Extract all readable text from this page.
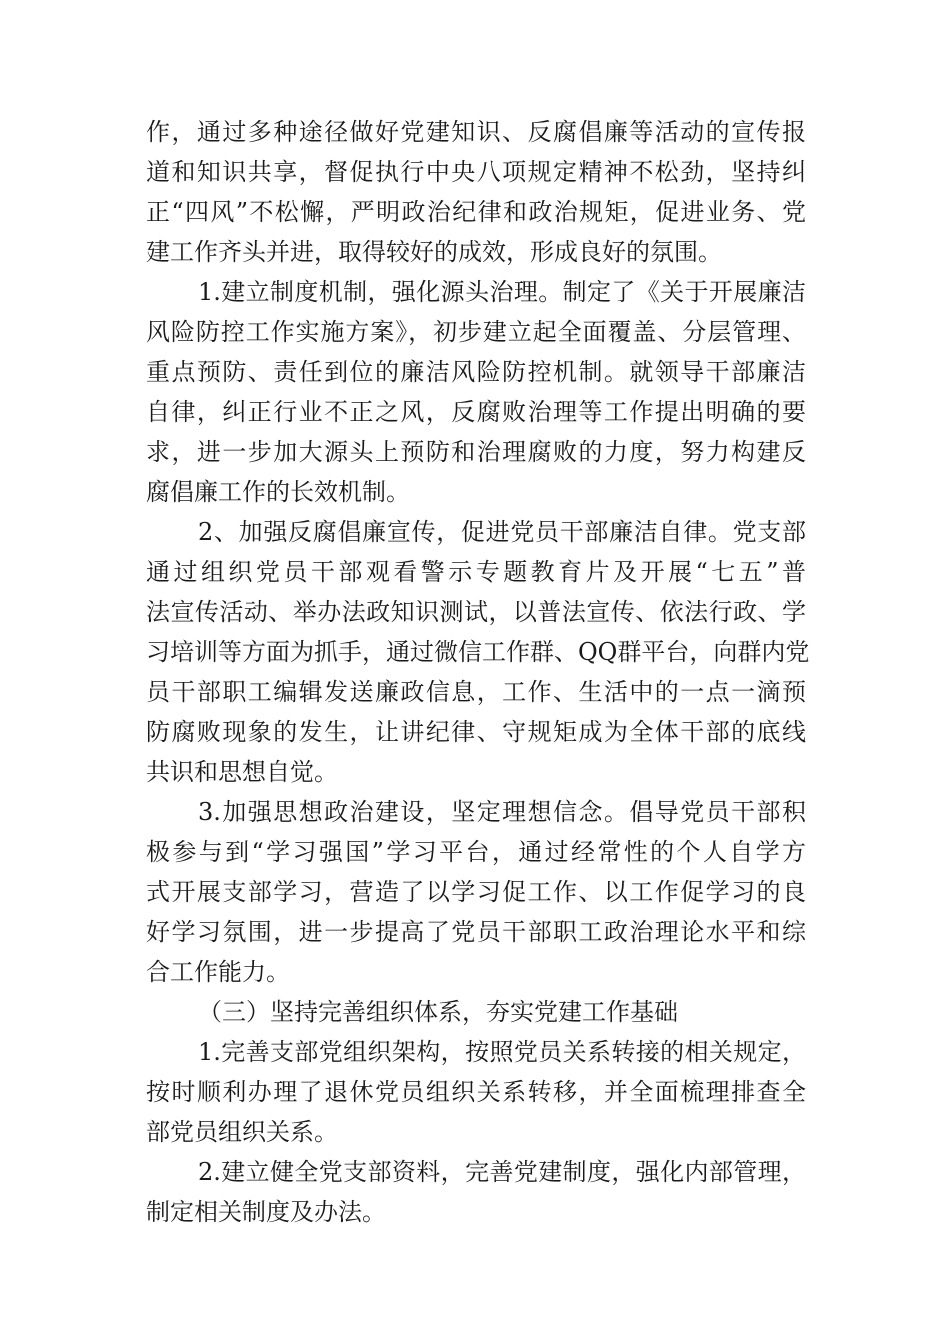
作，通过多种途径做好党建知识、反腐倡廉等活动的宣传报
道和知识共享，督促执行中央八项规定精神不松劲，坚持纠
正“四风”不松懈，严明政治纪律和政治规矩，促进业务、党
建工作齐头并进，取得较好的成效，形成良好的氛围。
1.建立制度机制，强化源头治理。制定了《关于开展廉洁
风险防控工作实施方案》，初步建立起全面覆盖、分层管理、
重点预防、责任到位的廉洁风险防控机制。就领导干部廉洁
自律，纠正行业不正之风，反腐败治理等工作提出明确的要
求，进一步加大源头上预防和治理腐败的力度，努力构建反
腐倡廉工作的长效机制。
2、加强反腐倡廉宣传，促进党员干部廉洁自律。党支部
通过组织党员干部观看警示专题教育片及开展“七五”普
法宣传活动、举办法政知识测试，以普法宣传、依法行政、学
习培训等方面为抓手，通过微信工作群、QQ群平台，向群内党
员干部职工编辑发送廉政信息，工作、生活中的一点一滴预
防腐败现象的发生，让讲纪律、守规矩成为全体干部的底线
共识和思想自觉。
3.加强思想政治建设，坚定理想信念。倡导党员干部积
极参与到“学习强国”学习平台，通过经常性的个人自学方
式开展支部学习，营造了以学习促工作、以工作促学习的良
好学习氛围，进一步提高了党员干部职工政治理论水平和综
合工作能力。
（三）坚持完善组织体系，夯实党建工作基础
1.完善支部党组织架构，按照党员关系转接的相关规定，
按时顺利办理了退休党员组织关系转移，并全面梳理排查全
部党员组织关系。
2.建立健全党支部资料，完善党建制度，强化内部管理，
制定相关制度及办法。
